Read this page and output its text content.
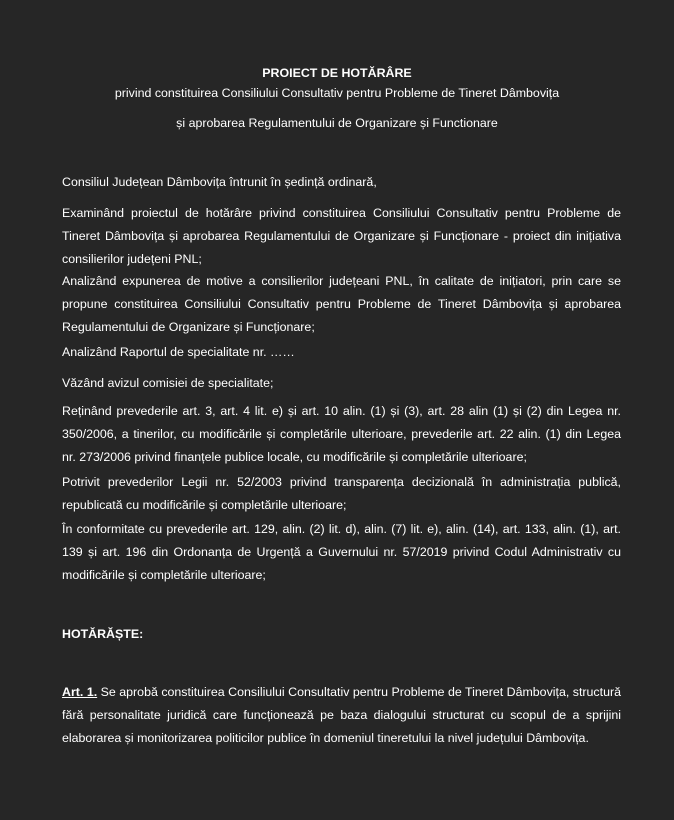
PROIECT DE HOTĂRÂRE
privind constituirea Consiliului Consultativ pentru Probleme de Tineret Dâmbovița
și aprobarea Regulamentului de Organizare și Functionare
Consiliul Județean Dâmbovița întrunit în ședință ordinară,
Examinând proiectul de hotărâre privind constituirea Consiliului Consultativ pentru Probleme de Tineret Dâmbovița și aprobarea Regulamentului de Organizare și Funcționare - proiect din inițiativa consilierilor județeni PNL;
Analizând expunerea de motive a consilierilor județeani PNL, în calitate de inițiatori, prin care se propune constituirea Consiliului Consultativ pentru Probleme de Tineret Dâmbovița și aprobarea Regulamentului de Organizare și Funcționare;
Analizând Raportul de specialitate nr. ……
Văzând avizul comisiei de specialitate;
Reținând prevederile art. 3, art. 4 lit. e) și art. 10 alin. (1) și (3), art. 28 alin (1) și (2) din Legea nr. 350/2006, a tinerilor, cu modificările și completările ulterioare, prevederile art. 22 alin. (1) din Legea nr. 273/2006 privind finanțele publice locale, cu modificările și completările ulterioare;
Potrivit prevederilor Legii nr. 52/2003 privind transparența decizională în administrația publică, republicată cu modificările și completările ulterioare;
În conformitate cu prevederile art. 129, alin. (2) lit. d), alin. (7) lit. e), alin. (14), art. 133, alin. (1), art. 139 și art. 196 din Ordonanța de Urgență a Guvernului nr. 57/2019 privind Codul Administrativ cu modificările și completările ulterioare;
HOTĂRĂȘTE:
Art. 1. Se aprobă constituirea Consiliului Consultativ pentru Probleme de Tineret Dâmbovița, structură fără personalitate juridică care funcționează pe baza dialogului structurat cu scopul de a sprijini elaborarea și monitorizarea politicilor publice în domeniul tineretului la nivel județului Dâmbovița.
